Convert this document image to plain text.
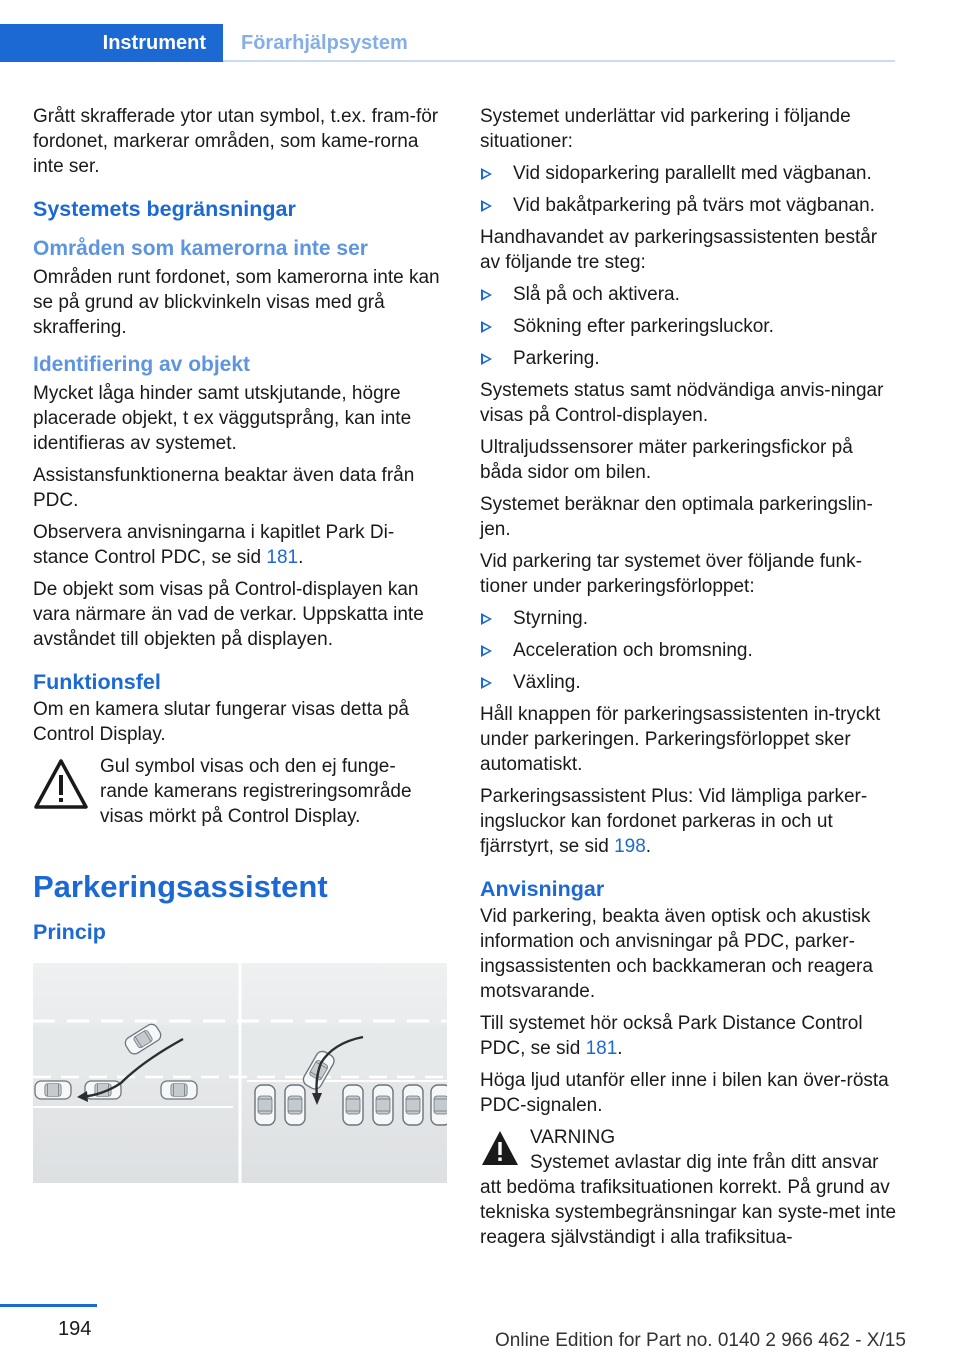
Instrument Förarhjälpsystem
Grått skrafferade ytor utan symbol, t.ex. fram‐för fordonet, markerar områden, som kame‐rorna inte ser.
Systemets begränsningar
Områden som kamerorna inte ser
Områden runt fordonet, som kamerorna inte kan se på grund av blickvinkeln visas med grå skraffering.
Identifiering av objekt
Mycket låga hinder samt utskjutande, högre placerade objekt, t ex väggutsprång, kan inte identifieras av systemet.
Assistansfunktionerna beaktar även data från PDC.
Observera anvisningarna i kapitlet Park Di‐stance Control PDC, se sid 181.
De objekt som visas på Control-displayen kan vara närmare än vad de verkar. Uppskatta inte avståndet till objekten på displayen.
Funktionsfel
Om en kamera slutar fungerar visas detta på Control Display.
Gul symbol visas och den ej funge‐rande kamerans registreringsområde visas mörkt på Control Display.
Parkeringsassistent
Princip
Systemet underlättar vid parkering i följande situationer:
Vid sidoparkering parallellt med vägbanan.
Vid bakåtparkering på tvärs mot vägbanan.
Handhavandet av parkeringsassistenten består av följande tre steg:
Slå på och aktivera.
Sökning efter parkeringsluckor.
Parkering.
Systemets status samt nödvändiga anvis‐ningar visas på Control-displayen.
Ultraljudssensorer mäter parkeringsfickor på båda sidor om bilen.
Systemet beräknar den optimala parkeringslin‐jen.
Vid parkering tar systemet över följande funk‐tioner under parkeringsförloppet:
Styrning.
Acceleration och bromsning.
Växling.
Håll knappen för parkeringsassistenten in‐tryckt under parkeringen. Parkeringsförloppet sker automatiskt.
Parkeringsassistent Plus: Vid lämpliga parker‐ingsluckor kan fordonet parkeras in och ut fjärrstyrt, se sid 198.
Anvisningar
Vid parkering, beakta även optisk och akustisk information och anvisningar på PDC, parker‐ingsassistenten och backkameran och reagera motsvarande.
Till systemet hör också Park Distance Control PDC, se sid 181.
Höga ljud utanför eller inne i bilen kan över‐rösta PDC-signalen.
VARNING
Systemet avlastar dig inte från ditt ansvar
att bedöma trafiksituationen korrekt. På grund av tekniska systembegränsningar kan syste‐met inte reagera självständigt i alla trafiksitua‐
194
Online Edition for Part no. 0140 2 966 462 - X/15
